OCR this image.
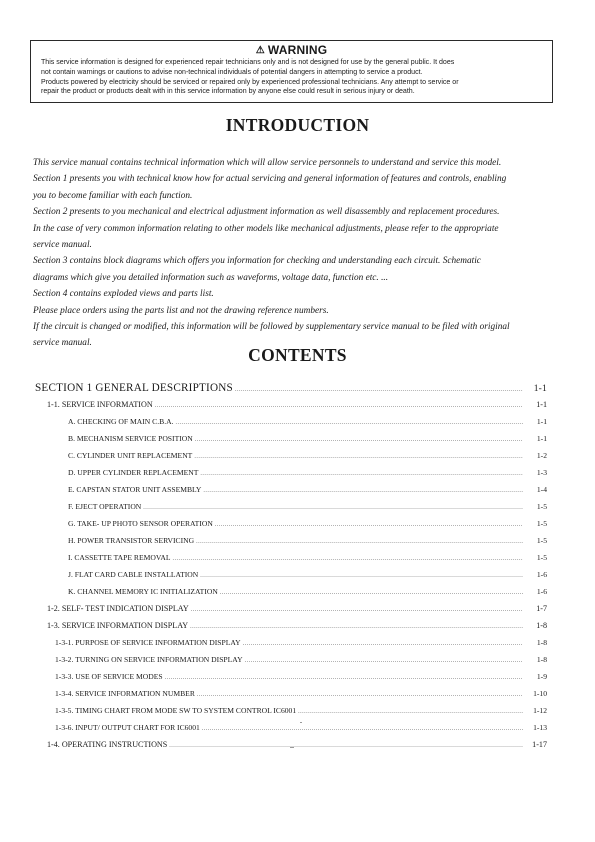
⚠ WARNING
This service information is designed for experienced repair technicians only and is not designed for use by the general public. It does
not contain warnings or cautions to advise non-technical individuals of potential dangers in attempting to service a product.
Products powered by electricity should be serviced or repaired only by experienced professional technicians. Any attempt to service or
repair the product or products dealt with in this service information by anyone else could result in serious injury or death.
INTRODUCTION
This service manual contains technical information which will allow service personnels to understand and service this model.
Section 1 presents you with technical know how for actual servicing and general information of features and controls, enabling
you to become familiar with each function.
Section 2 presents to you mechanical and electrical adjustment information as well disassembly and replacement procedures.
In the case of very common information relating to other models like mechanical adjustments, please refer to the appropriate
service manual.
Section 3 contains block diagrams which offers you information for checking and understanding each circuit. Schematic
diagrams which give you detailed information such as waveforms, voltage data, function etc. ...
Section 4 contains exploded views and parts list.
Please place orders using the parts list and not the drawing reference numbers.
If the circuit is changed or modified, this information will be followed by supplementary service manual to be filed with original
service manual.
CONTENTS
SECTION 1 GENERAL DESCRIPTIONS .....	1-1
1-1. SERVICE INFORMATION .....	1-1
A. CHECKING OF MAIN C.B.A. .....	1-1
B. MECHANISM SERVICE POSITION .....	1-1
C. CYLINDER UNIT REPLACEMENT .....	1-2
D. UPPER CYLINDER REPLACEMENT .....	1-3
E. CAPSTAN STATOR UNIT ASSEMBLY .....	1-4
F. EJECT OPERATION .....	1-5
G. TAKE- UP PHOTO SENSOR OPERATION .....	1-5
H. POWER TRANSISTOR SERVICING .....	1-5
I. CASSETTE TAPE REMOVAL .....	1-5
J. FLAT CARD CABLE INSTALLATION .....	1-6
K. CHANNEL MEMORY IC INITIALIZATION .....	1-6
1-2. SELF- TEST INDICATION DISPLAY .....	1-7
1-3. SERVICE INFORMATION DISPLAY .....	1-8
1-3-1. PURPOSE OF SERVICE INFORMATION DISPLAY .....	1-8
1-3-2. TURNING ON SERVICE INFORMATION DISPLAY .....	1-8
1-3-3. USE OF SERVICE MODES .....	1-9
1-3-4. SERVICE INFORMATION NUMBER .....	1-10
1-3-5. TIMING CHART FROM MODE SW TO SYSTEM CONTROL IC6001 .....	1-12
1-3-6. INPUT/ OUTPUT CHART FOR IC6001 .....	1-13
1-4. OPERATING INSTRUCTIONS .....	1-17
